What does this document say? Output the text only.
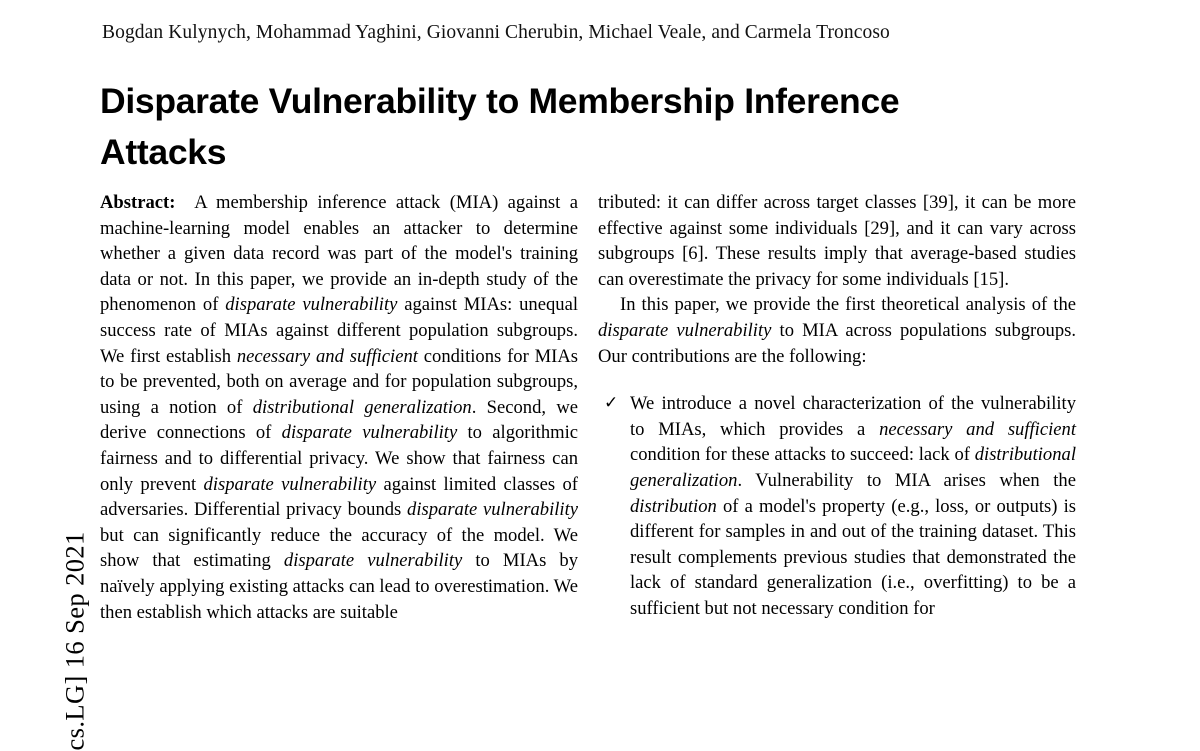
cs.LG] 16 Sep 2021
Bogdan Kulynych, Mohammad Yaghini, Giovanni Cherubin, Michael Veale, and Carmela Troncoso
Disparate Vulnerability to Membership Inference Attacks

Abstract: A membership inference attack (MIA) against a machine-learning model enables an attacker to determine whether a given data record was part of the model's training data or not. In this paper, we provide an in-depth study of the phenomenon of disparate vulnerability against MIAs: unequal success rate of MIAs against different population subgroups. We first establish necessary and sufficient conditions for MIAs to be prevented, both on average and for population subgroups, using a notion of distributional generalization. Second, we derive connections of disparate vulnerability to algorithmic fairness and to differential privacy. We show that fairness can only prevent disparate vulnerability against limited classes of adversaries. Differential privacy bounds disparate vulnerability but can significantly reduce the accuracy of the model. We show that estimating disparate vulnerability to MIAs by naïvely applying existing attacks can lead to overestimation. We then establish which attacks are suitable

tributed: it can differ across target classes [39], it can be more effective against some individuals [29], and it can vary across subgroups [6]. These results imply that average-based studies can overestimate the privacy for some individuals [15].

In this paper, we provide the first theoretical analysis of the disparate vulnerability to MIA across populations subgroups. Our contributions are the following:

✓ We introduce a novel characterization of the vulnerability to MIAs, which provides a necessary and sufficient condition for these attacks to succeed: lack of distributional generalization. Vulnerability to MIA arises when the distribution of a model's property (e.g., loss, or outputs) is different for samples in and out of the training dataset. This result complements previous studies that demonstrated the lack of standard generalization (i.e., overfitting) to be a sufficient but not necessary condition for
